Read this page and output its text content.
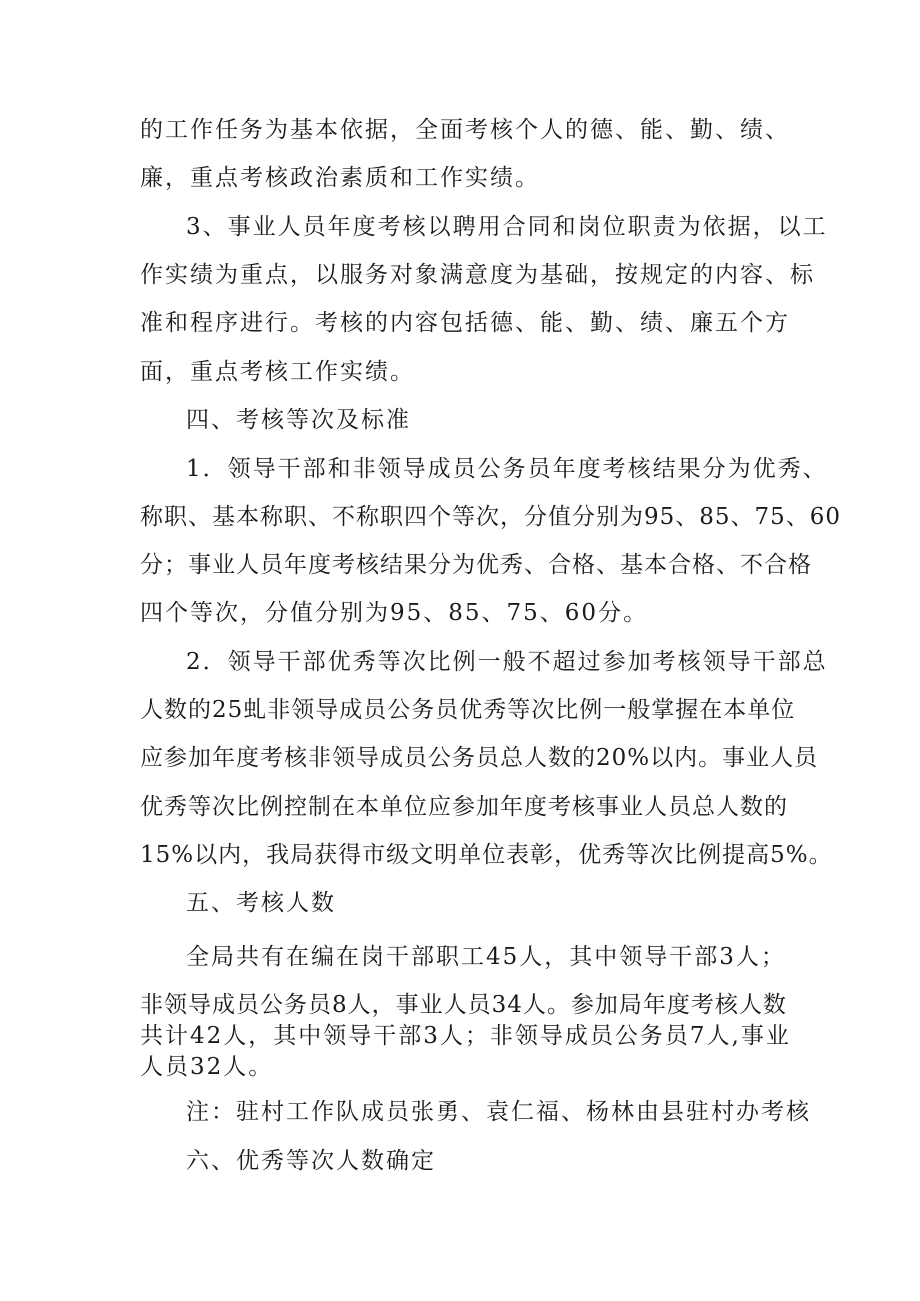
的工作任务为基本依据，全面考核个人的德、能、勤、绩、
廉，重点考核政治素质和工作实绩。
3、事业人员年度考核以聘用合同和岗位职责为依据，以工
作实绩为重点，以服务对象满意度为基础，按规定的内容、标
准和程序进行。考核的内容包括德、能、勤、绩、廉五个方
面，重点考核工作实绩。
四、考核等次及标准
1．领导干部和非领导成员公务员年度考核结果分为优秀、
称职、基本称职、不称职四个等次，分值分别为95、85、75、60
分；事业人员年度考核结果分为优秀、合格、基本合格、不合格
四个等次，分值分别为95、85、75、60分。
2．领导干部优秀等次比例一般不超过参加考核领导干部总
人数的25虬非领导成员公务员优秀等次比例一般掌握在本单位
应参加年度考核非领导成员公务员总人数的20%以内。事业人员
优秀等次比例控制在本单位应参加年度考核事业人员总人数的
15%以内，我局获得市级文明单位表彰，优秀等次比例提高5%。
五、考核人数
全局共有在编在岗干部职工45人，其中领导干部3人；
非领导成员公务员8人，事业人员34人。参加局年度考核人数
共计42人，其中领导干部3人；非领导成员公务员7人,事业
人员32人。
注：驻村工作队成员张勇、袁仁福、杨林由县驻村办考核
六、优秀等次人数确定
